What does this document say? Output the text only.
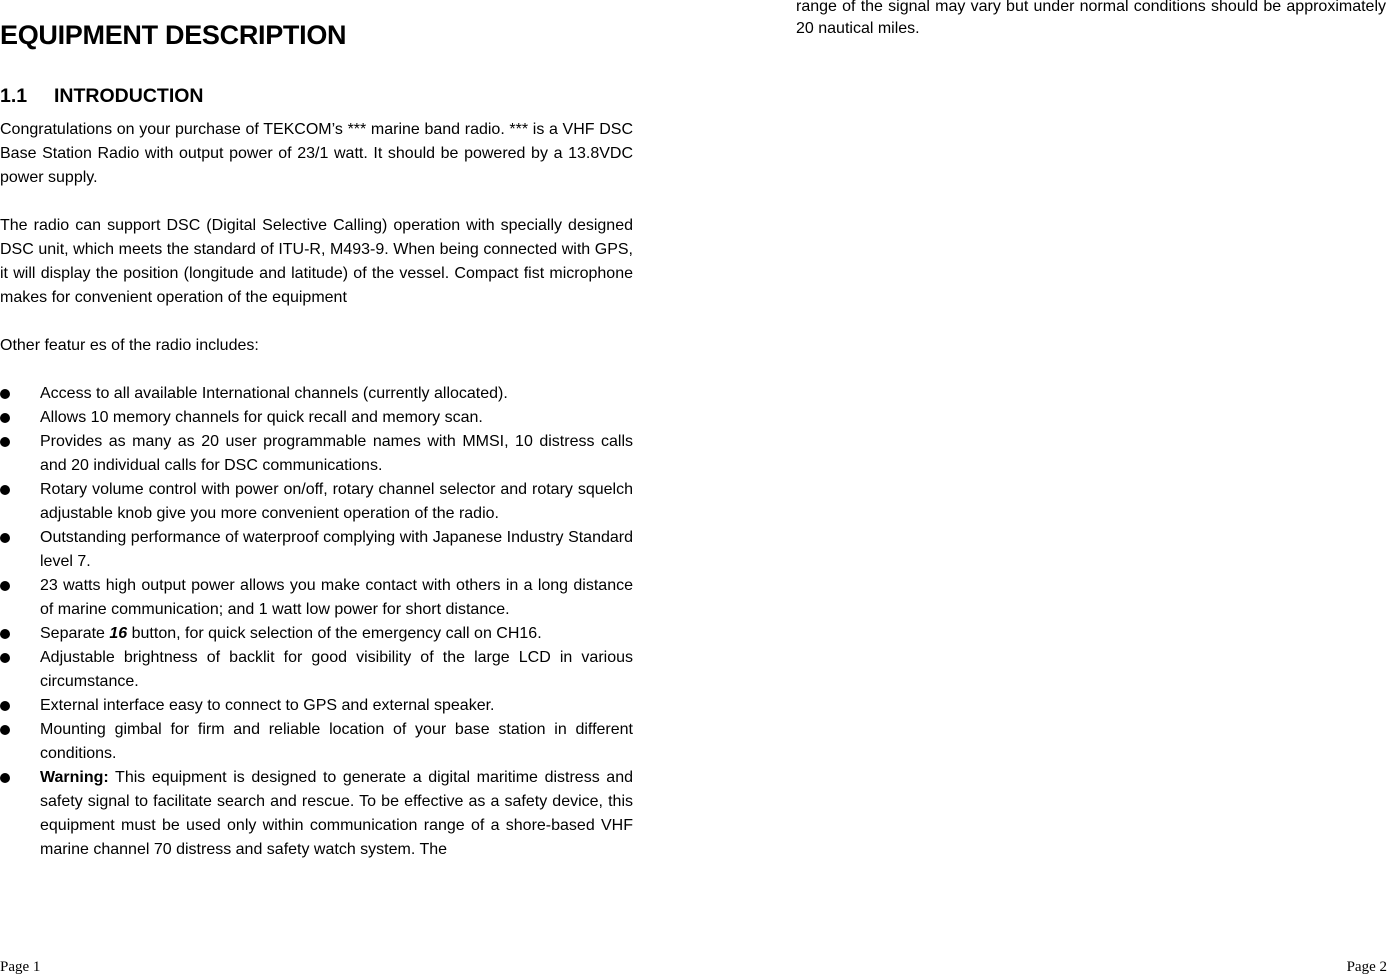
EQUIPMENT DESCRIPTION
1.1 INTRODUCTION

Congratulations on your purchase of TEKCOM’s *** marine band radio. *** is a VHF DSC Base Station Radio with output power of 23/1 watt. It should be powered by a 13.8VDC power supply.

The radio can support DSC (Digital Selective Calling) operation with specially designed DSC unit, which meets the standard of ITU-R, M493-9. When being connected with GPS, it will display the position (longitude and latitude) of the vessel. Compact fist microphone makes for convenient operation of the equipment

Other featur es of the radio includes:

Access to all available International channels (currently allocated).
Allows 10 memory channels for quick recall and memory scan.
Provides as many as 20 user programmable names with MMSI, 10 distress calls and 20 individual calls for DSC communications.
Rotary volume control with power on/off, rotary channel selector and rotary squelch adjustable knob give you more convenient operation of the radio.
Outstanding performance of waterproof complying with Japanese Industry Standard level 7.
23 watts high output power allows you make contact with others in a long distance of marine communication; and 1 watt low power for short distance.
Separate 16 button, for quick selection of the emergency call on CH16.
Adjustable brightness of backlit for good visibility of the large LCD in various circumstance.
External interface easy to connect to GPS and external speaker.
Mounting gimbal for firm and reliable location of your base station in different conditions.
Warning: This equipment is designed to generate a digital maritime distress and safety signal to facilitate search and rescue. To be effective as a safety device, this equipment must be used only within communication range of a shore-based VHF marine channel 70 distress and safety watch system. The
Page 1

range of the signal may vary but under normal conditions should be approximately 20 nautical miles.

Page 2
